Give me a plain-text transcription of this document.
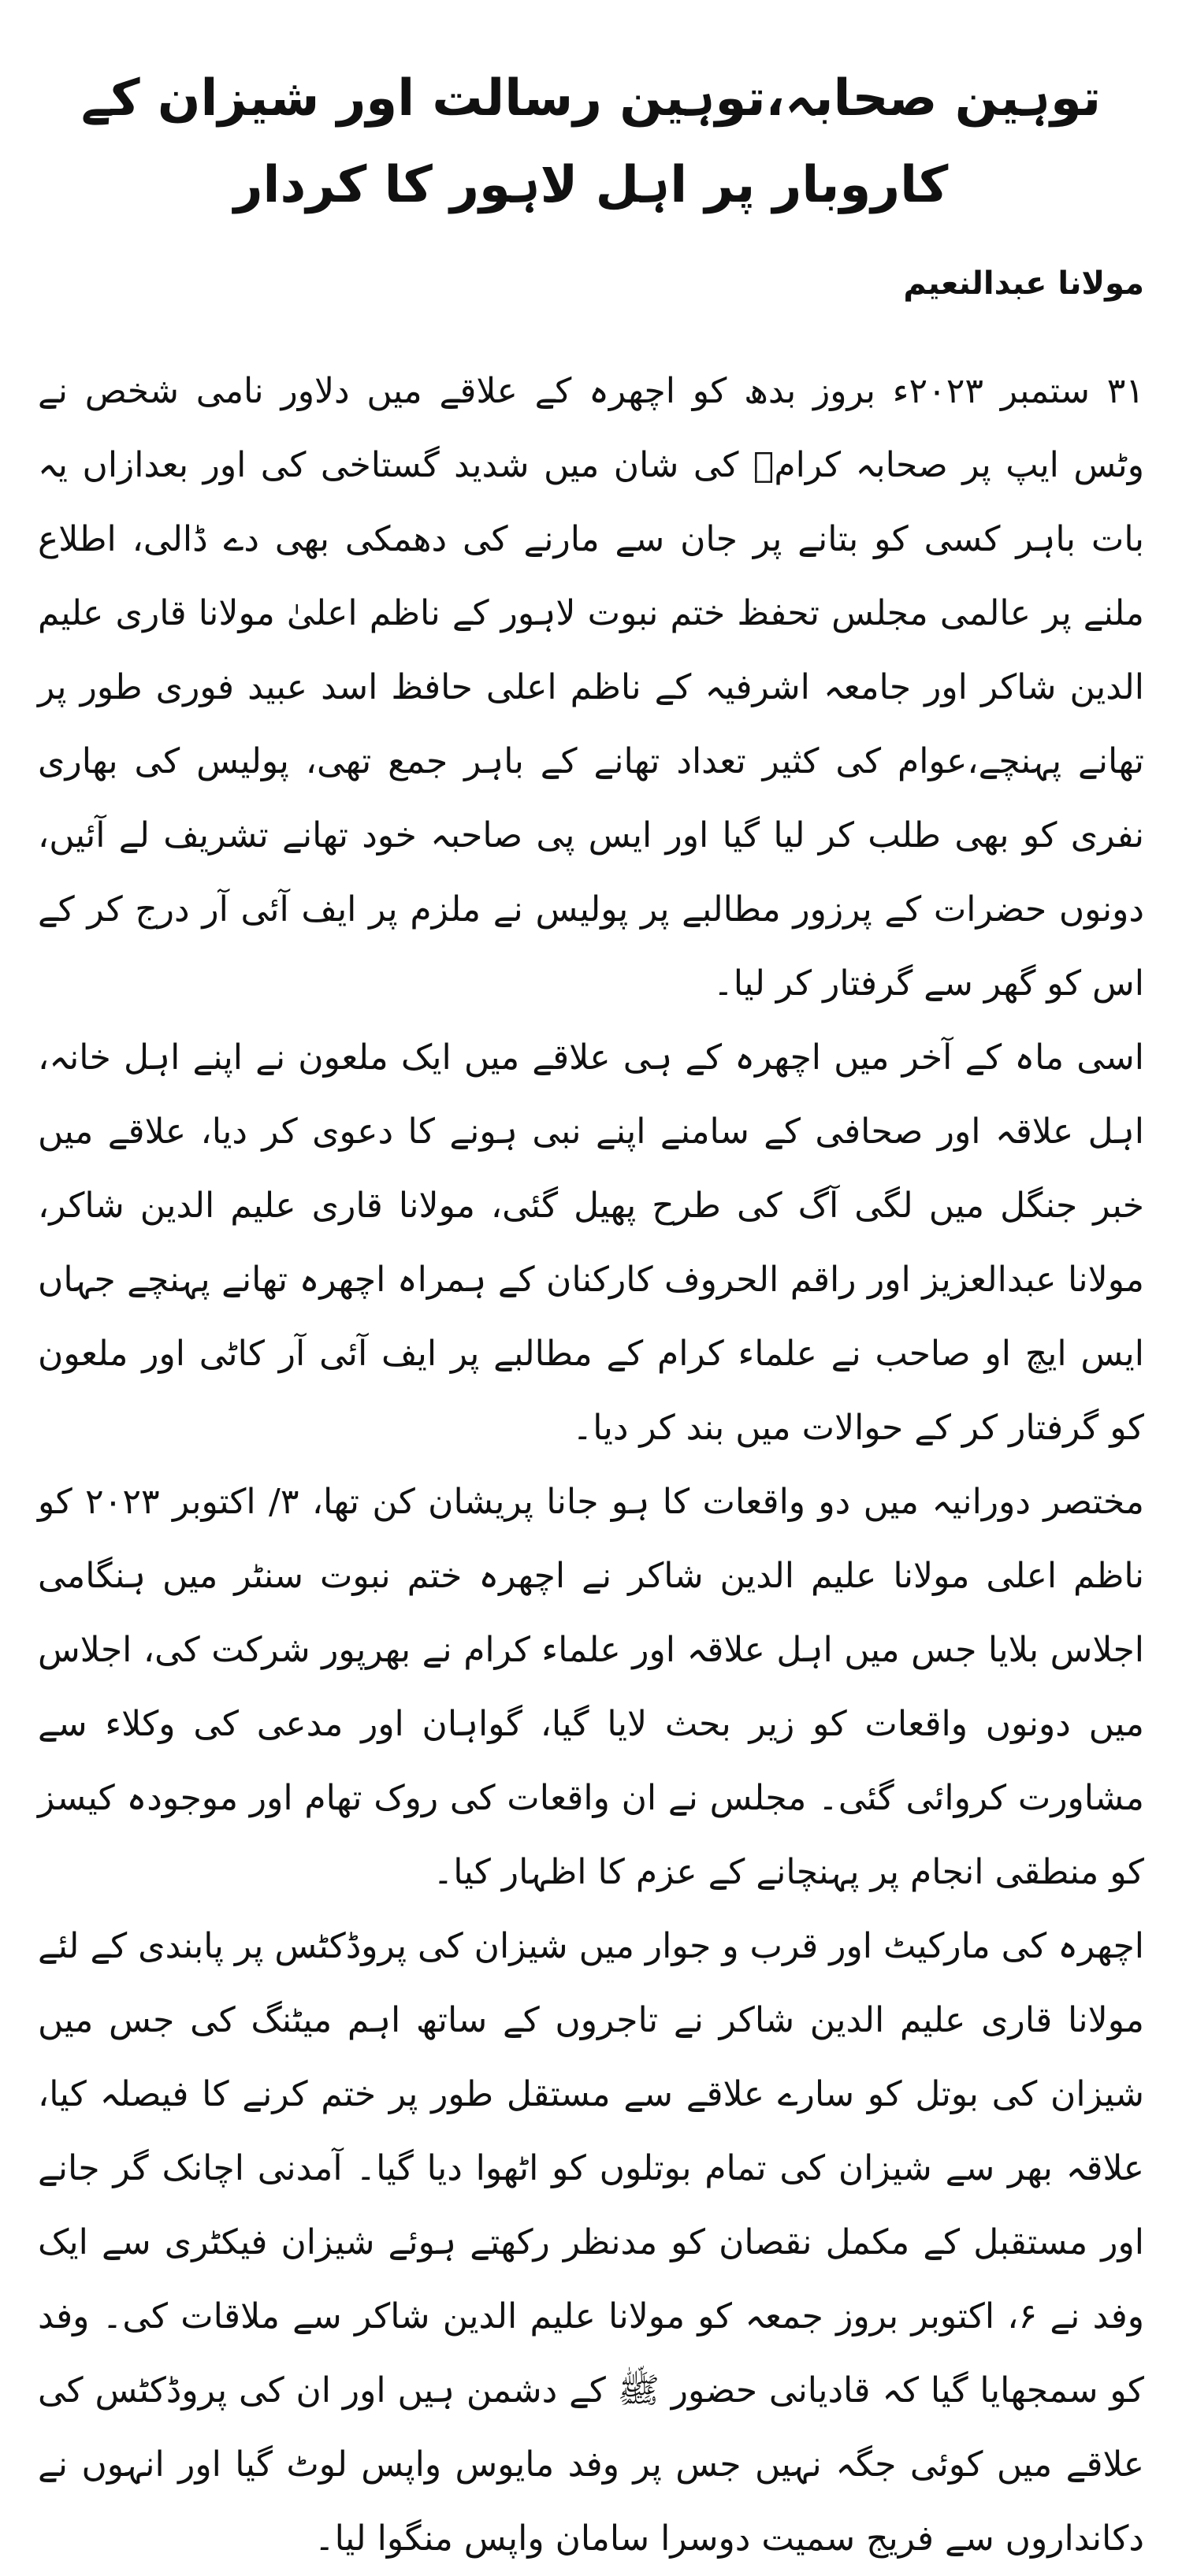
توہین صحابہ،توہین رسالت اور شیزان کے کاروبار پر اہل لاہور کا کردار
مولانا عبدالنعیم

۳۱ ستمبر ۲۰۲۳ء بروز بدھ کو اچھرہ کے علاقے میں دلاور نامی شخص نے وٹس ایپ پر صحابہ کرامؓ کی شان میں شدید گستاخی کی اور بعدازاں یہ بات باہر کسی کو بتانے پر جان سے مارنے کی دھمکی بھی دے ڈالی، اطلاع ملنے پر عالمی مجلس تحفظ ختم نبوت لاہور کے ناظم اعلیٰ مولانا قاری علیم الدین شاکر اور جامعہ اشرفیہ کے ناظم اعلی حافظ اسد عبید فوری طور پر تھانے پہنچے،عوام کی کثیر تعداد تھانے کے باہر جمع تھی، پولیس کی بھاری نفری کو بھی طلب کر لیا گیا اور ایس پی صاحبہ خود تھانے تشریف لے آئیں، دونوں حضرات کے پرزور مطالبے پر پولیس نے ملزم پر ایف آئی آر درج کر کے اس کو گھر سے گرفتار کر لیا۔

اسی ماہ کے آخر میں اچھرہ کے ہی علاقے میں ایک ملعون نے اپنے اہل خانہ، اہل علاقہ اور صحافی کے سامنے اپنے نبی ہونے کا دعوی کر دیا، علاقے میں خبر جنگل میں لگی آگ کی طرح پھیل گئی، مولانا قاری علیم الدین شاکر، مولانا عبدالعزیز اور راقم الحروف کارکنان کے ہمراہ اچھرہ تھانے پہنچے جہاں ایس ایچ او صاحب نے علماء کرام کے مطالبے پر ایف آئی آر کاٹی اور ملعون کو گرفتار کر کے حوالات میں بند کر دیا۔

مختصر دورانیہ میں دو واقعات کا ہو جانا پریشان کن تھا، ۳/ اکتوبر ۲۰۲۳ کو ناظم اعلی مولانا علیم الدین شاکر نے اچھرہ ختم نبوت سنٹر میں ہنگامی اجلاس بلایا جس میں اہل علاقہ اور علماء کرام نے بھرپور شرکت کی، اجلاس میں دونوں واقعات کو زیر بحث لایا گیا، گواہان اور مدعی کی وکلاء سے مشاورت کروائی گئی۔ مجلس نے ان واقعات کی روک تھام اور موجودہ کیسز کو منطقی انجام پر پہنچانے کے عزم کا اظہار کیا۔

اچھرہ کی مارکیٹ اور قرب و جوار میں شیزان کی پروڈکٹس پر پابندی کے لئے مولانا قاری علیم الدین شاکر نے تاجروں کے ساتھ اہم میٹنگ کی جس میں شیزان کی بوتل کو سارے علاقے سے مستقل طور پر ختم کرنے کا فیصلہ کیا، علاقہ بھر سے شیزان کی تمام بوتلوں کو اٹھوا دیا گیا۔ آمدنی اچانک گر جانے اور مستقبل کے مکمل نقصان کو مدنظر رکھتے ہوئے شیزان فیکٹری سے ایک وفد نے ۶، اکتوبر بروز جمعہ کو مولانا علیم الدین شاکر سے ملاقات کی۔ وفد کو سمجھایا گیا کہ قادیانی حضور ﷺ کے دشمن ہیں اور ان کی پروڈکٹس کی علاقے میں کوئی جگہ نہیں جس پر وفد مایوس واپس لوٹ گیا اور انہوں نے دکانداروں سے فریج سمیت دوسرا سامان واپس منگوا لیا۔
